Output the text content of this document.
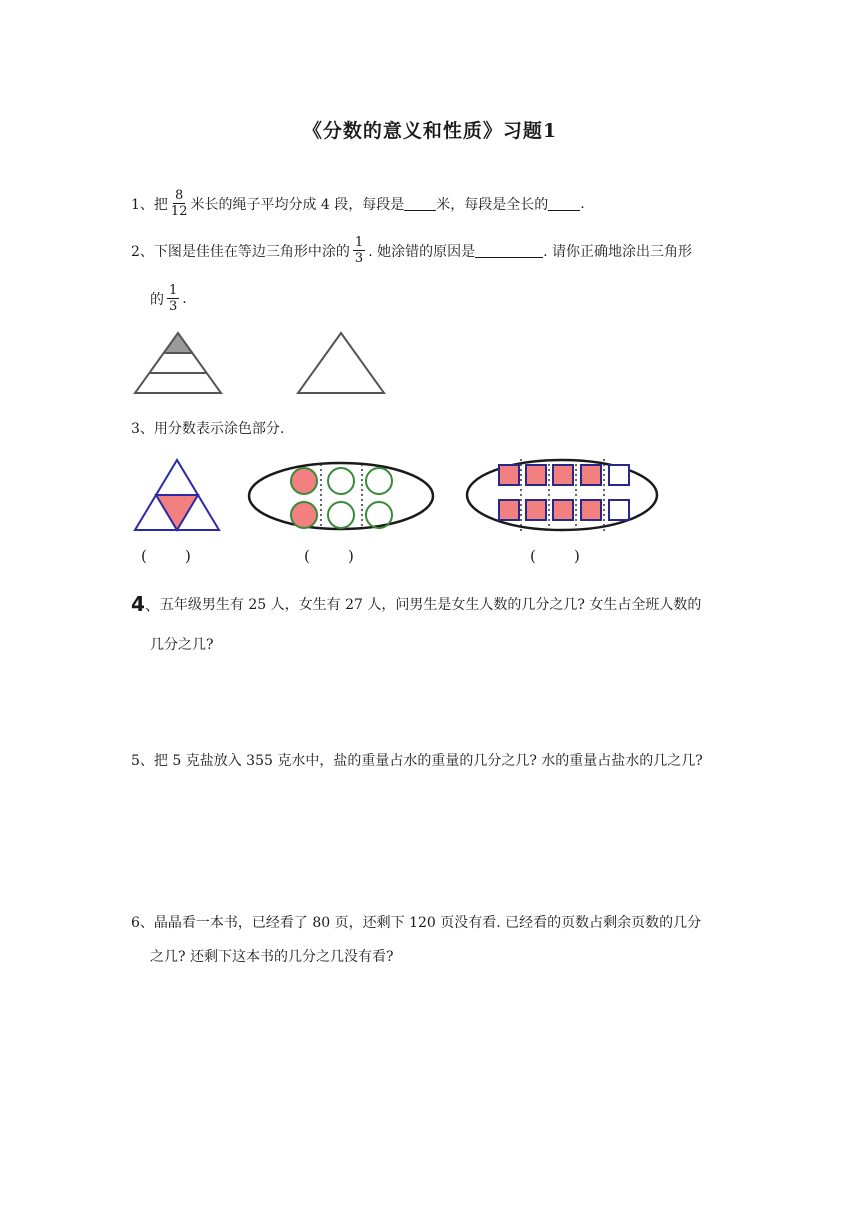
《分数的意义和性质》习题1
1、把 $\frac{8}{12}$ 米长的绳子平均分成 4 段，每段是 米，每段是全长的 .
2、下图是佳佳在等边三角形中涂的 $\frac{1}{3}$ . 她涂错的原因是	. 请你正确地涂出三角形
的 $\frac{1}{3}$ .
3、用分数表示涂色部分.
(        )	(        )	(        )
4 、 五年级男生有 25 人，女生有 27 人，问男生是女生人数的几分之几? 女生占全班人数的
几分之几?
5、把 5 克盐放入 355 克水中，盐的重量占水的重量的几分之几? 水的重量占盐水的几之几?
6、晶晶看一本书，已经看了 80 页，还剩下 120 页没有看. 已经看的页数占剩余页数的几分
之几? 还剩下这本书的几分之几没有看?
